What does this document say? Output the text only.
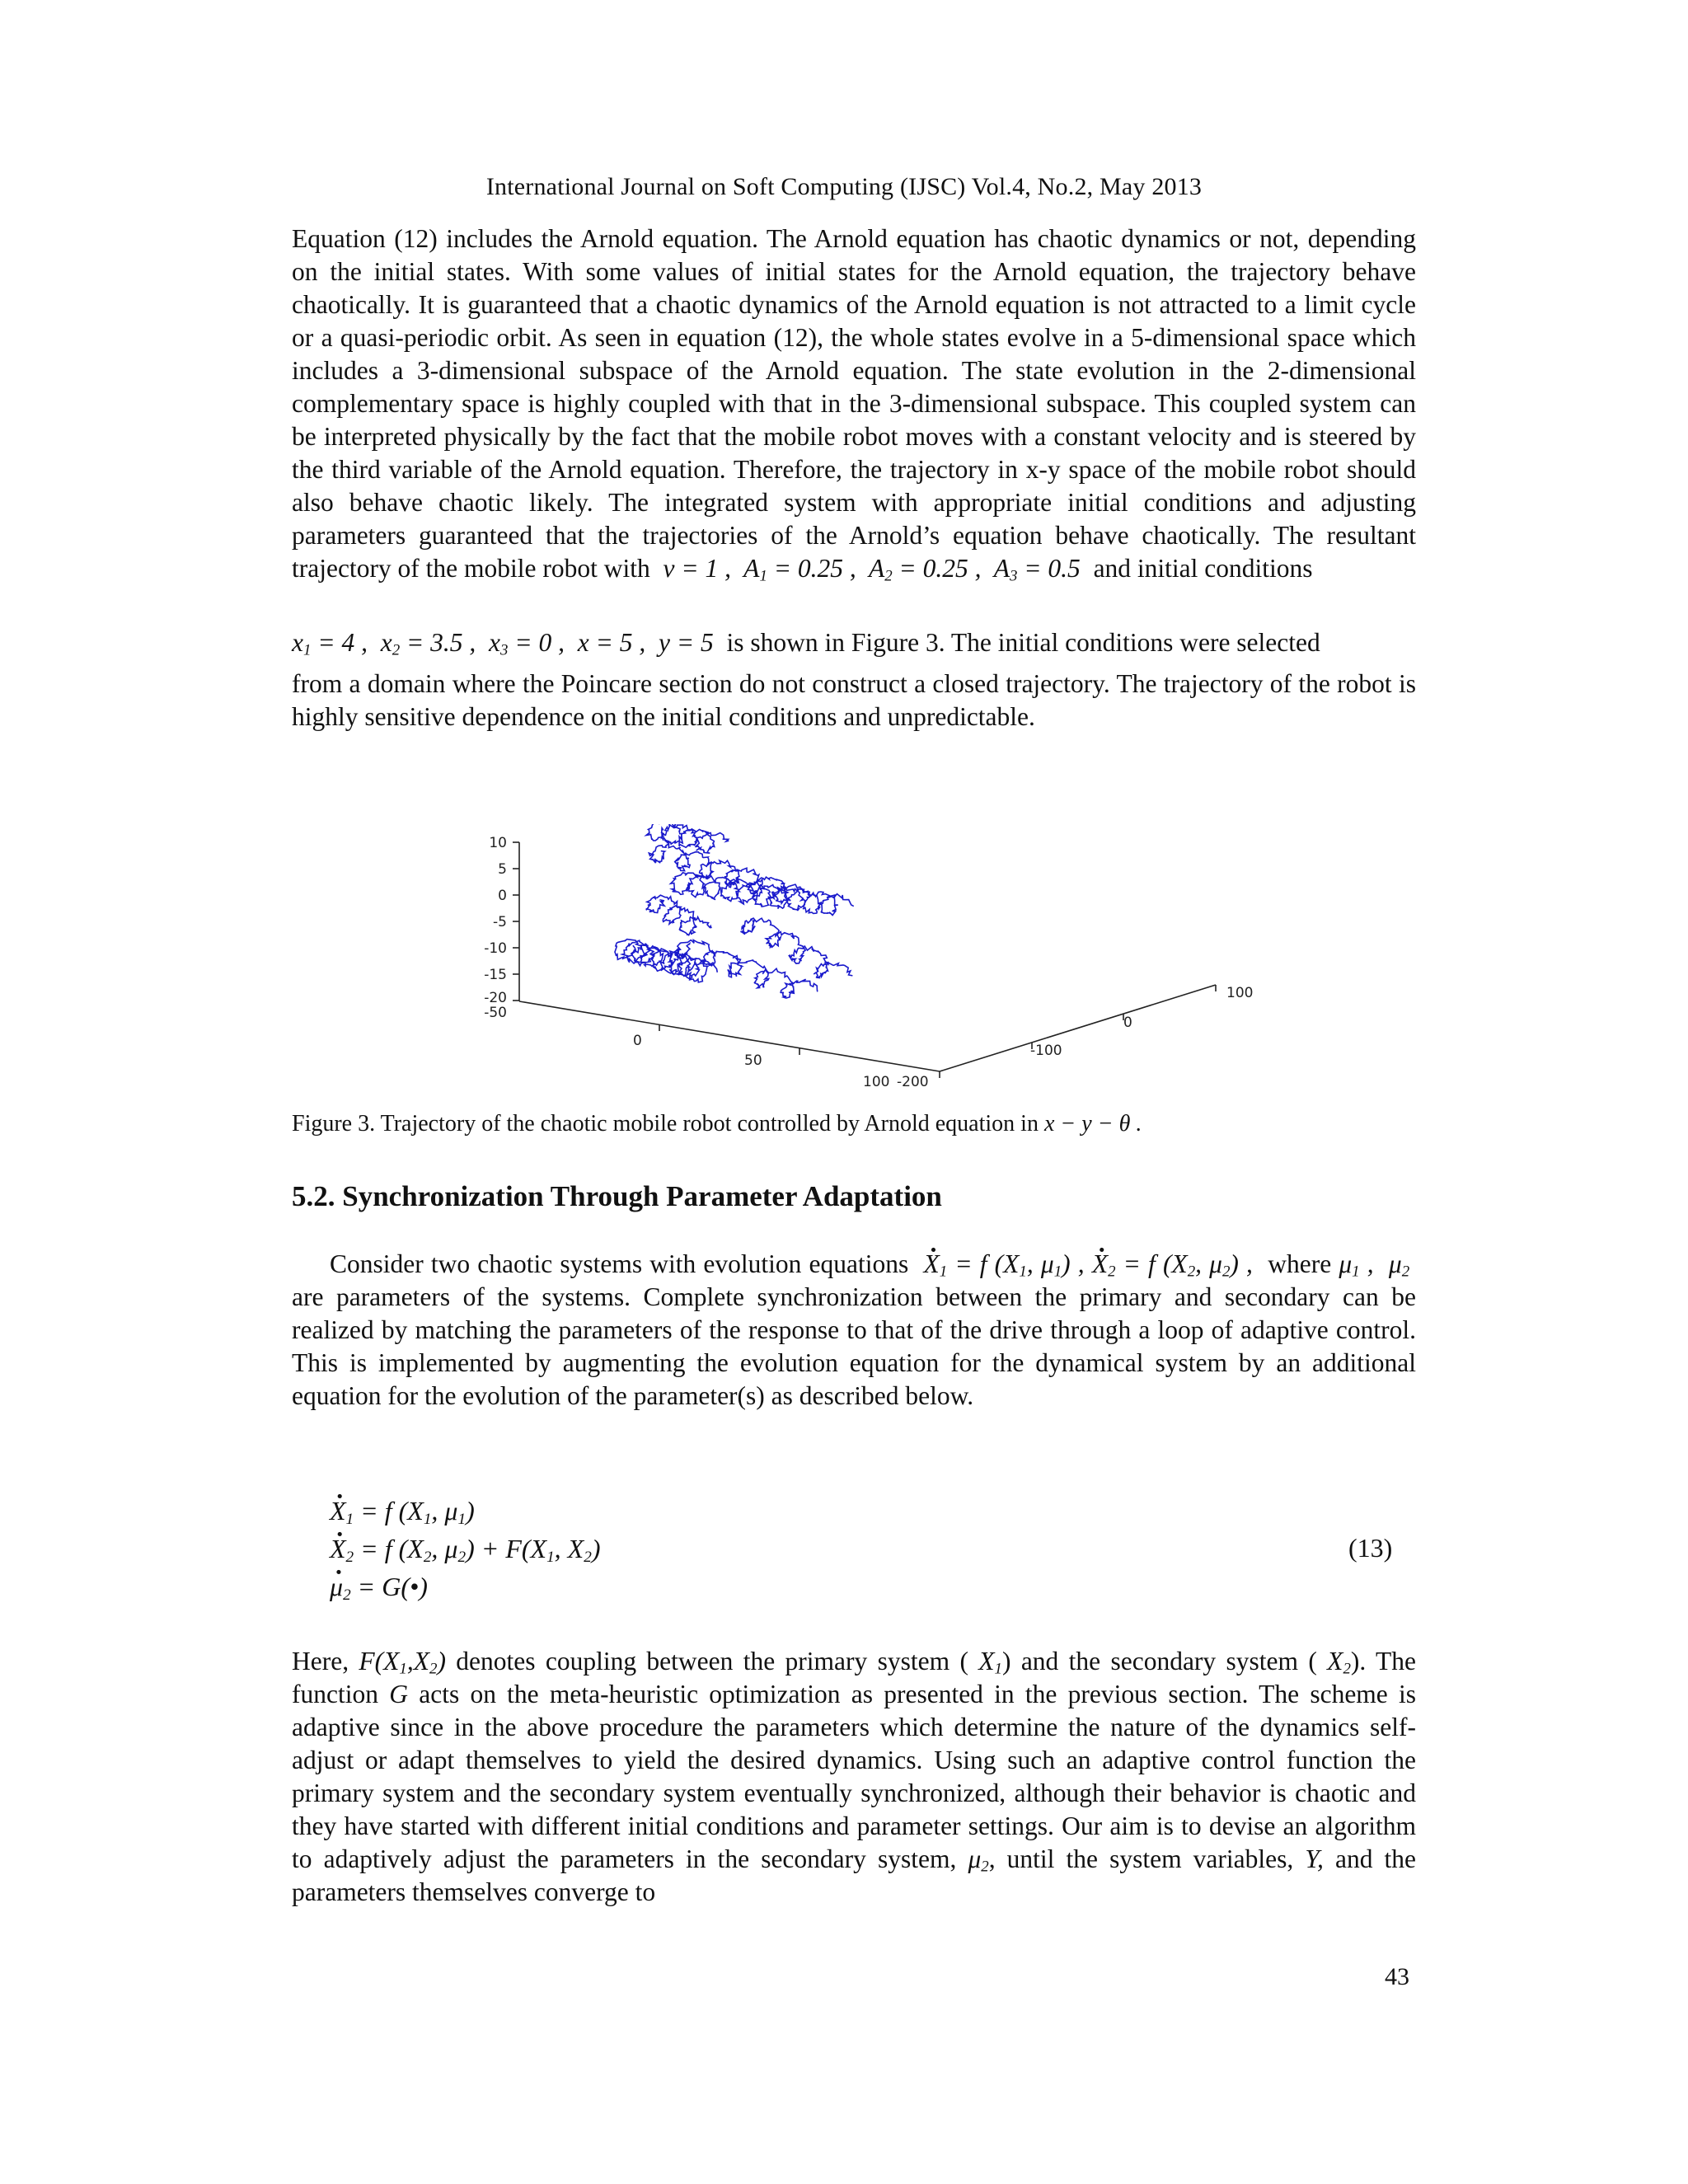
International Journal on Soft Computing (IJSC) Vol.4, No.2, May 2013
Equation (12) includes the Arnold equation. The Arnold equation has chaotic dynamics or not, depending on the initial states. With some values of initial states for the Arnold equation, the trajectory behave chaotically. It is guaranteed that a chaotic dynamics of the Arnold equation is not attracted to a limit cycle or a quasi-periodic orbit. As seen in equation (12), the whole states evolve in a 5-dimensional space which includes a 3-dimensional subspace of the Arnold equation. The state evolution in the 2-dimensional complementary space is highly coupled with that in the 3-dimensional subspace. This coupled system can be interpreted physically by the fact that the mobile robot moves with a constant velocity and is steered by the third variable of the Arnold equation. Therefore, the trajectory in x-y space of the mobile robot should also behave chaotic likely. The integrated system with appropriate initial conditions and adjusting parameters guaranteed that the trajectories of the Arnold’s equation behave chaotically. The resultant trajectory of the mobile robot with  v = 1 ,  $A_1 = 0.25$ ,  $A_2 = 0.25$ ,  $A_3 = 0.5$  and initial conditions
$x_1 = 4$ ,  $x_2 = 3.5$ ,  $x_3 = 0$ ,  x = 5 ,  y = 5  is shown in Figure 3. The initial conditions were selected
from a domain where the Poincare section do not construct a closed trajectory. The trajectory of the robot is highly sensitive dependence on the initial conditions and unpredictable.
10
5
0
-5
-10
-15
-20
-50
0
50
100 -200
-100
0
100
Figure 3. Trajectory of the chaotic mobile robot controlled by Arnold equation in x − y − θ .
5.2. Synchronization Through Parameter Adaptation
Consider two chaotic systems with evolution equations  · $X_1 = f$ ($X_1$, $\mu_1$) , · $X_2 = f$ ($X_2$, $\mu_2$) ,  where $\mu_1$ ,  $\mu_2$  are parameters of the systems. Complete synchronization between the primary and secondary can be realized by matching the parameters of the response to that of the drive through a loop of adaptive control. This is implemented by augmenting the evolution equation for the dynamical system by an additional equation for the evolution of the parameter(s) as described below.
· $X_1 = f$ ($X_1$, $\mu_1$)
· $X_2 = f$ ($X_2$, $\mu_2) + F(X_1$, $X_2$)
· $\mu_2$ = G(•)
(13)
Here, $F(X_1,X_2)$ denotes coupling between the primary system ( $X_1$) and the secondary system ( $X_2$). The function G acts on the meta-heuristic optimization as presented in the previous section. The scheme is adaptive since in the above procedure the parameters which determine the nature of the dynamics self-adjust or adapt themselves to yield the desired dynamics. Using such an adaptive control function the primary system and the secondary system eventually synchronized, although their behavior is chaotic and they have started with different initial conditions and parameter settings. Our aim is to devise an algorithm to adaptively adjust the parameters in the secondary system, $\mu_2$, until the system variables, Y, and the parameters themselves converge to
43
